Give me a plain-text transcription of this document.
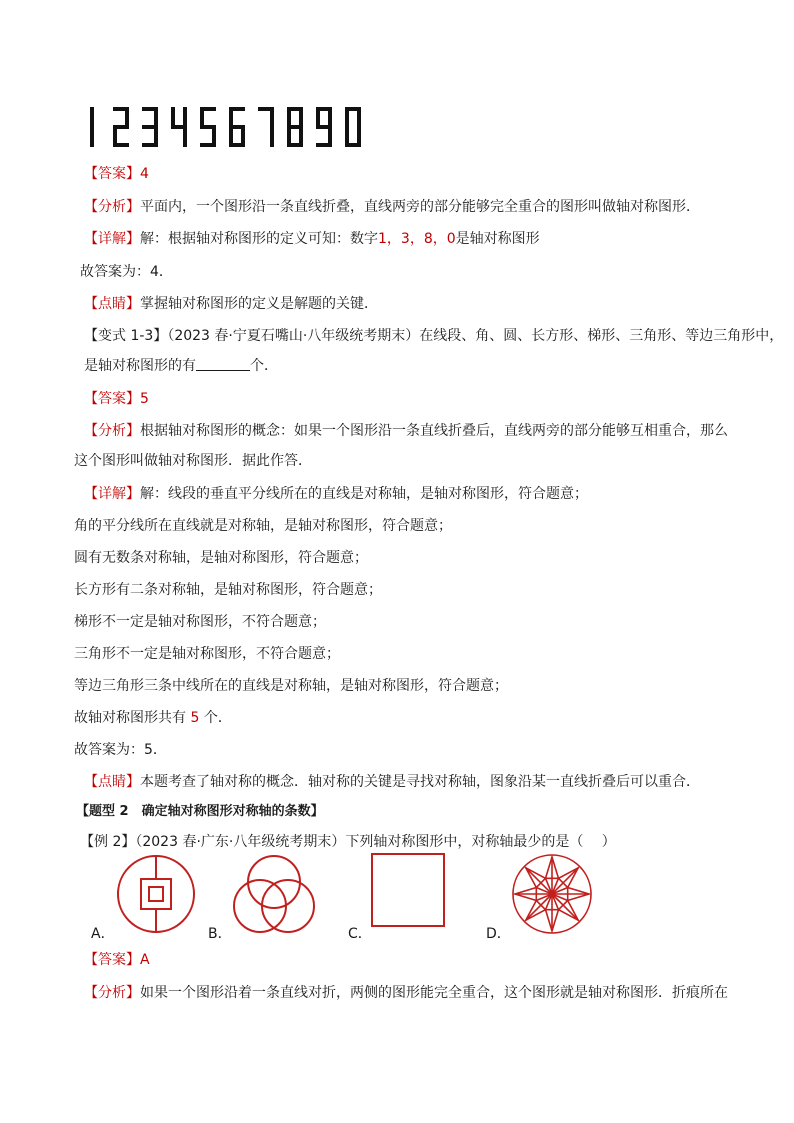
【答案】4
【分析】平面内，一个图形沿一条直线折叠，直线两旁的部分能够完全重合的图形叫做轴对称图形．
【详解】解：根据轴对称图形的定义可知：数字1，3，8，0是轴对称图形
故答案为：4．
【点睛】掌握轴对称图形的定义是解题的关键．
【变式 1-3】（2023 春·宁夏石嘴山·八年级统考期末）在线段、角、圆、长方形、梯形、三角形、等边三角形中，
是轴对称图形的有	个．
【答案】5
【分析】根据轴对称图形的概念：如果一个图形沿一条直线折叠后，直线两旁的部分能够互相重合，那么
这个图形叫做轴对称图形．据此作答．
【详解】解：线段的垂直平分线所在的直线是对称轴，是轴对称图形，符合题意；
角的平分线所在直线就是对称轴，是轴对称图形，符合题意；
圆有无数条对称轴，是轴对称图形，符合题意；
长方形有二条对称轴，是轴对称图形，符合题意；
梯形不一定是轴对称图形，不符合题意；
三角形不一定是轴对称图形，不符合题意；
等边三角形三条中线所在的直线是对称轴，是轴对称图形，符合题意；
故轴对称图形共有 5 个．
故答案为：5．
【点睛】本题考查了轴对称的概念．轴对称的关键是寻找对称轴，图象沿某一直线折叠后可以重合．
【题型 2　确定轴对称图形对称轴的条数】
【例 2】（2023 春·广东·八年级统考期末）下列轴对称图形中，对称轴最少的是（　 ）
A．	B．	C．	D．
【答案】A
【分析】如果一个图形沿着一条直线对折，两侧的图形能完全重合，这个图形就是轴对称图形．折痕所在
